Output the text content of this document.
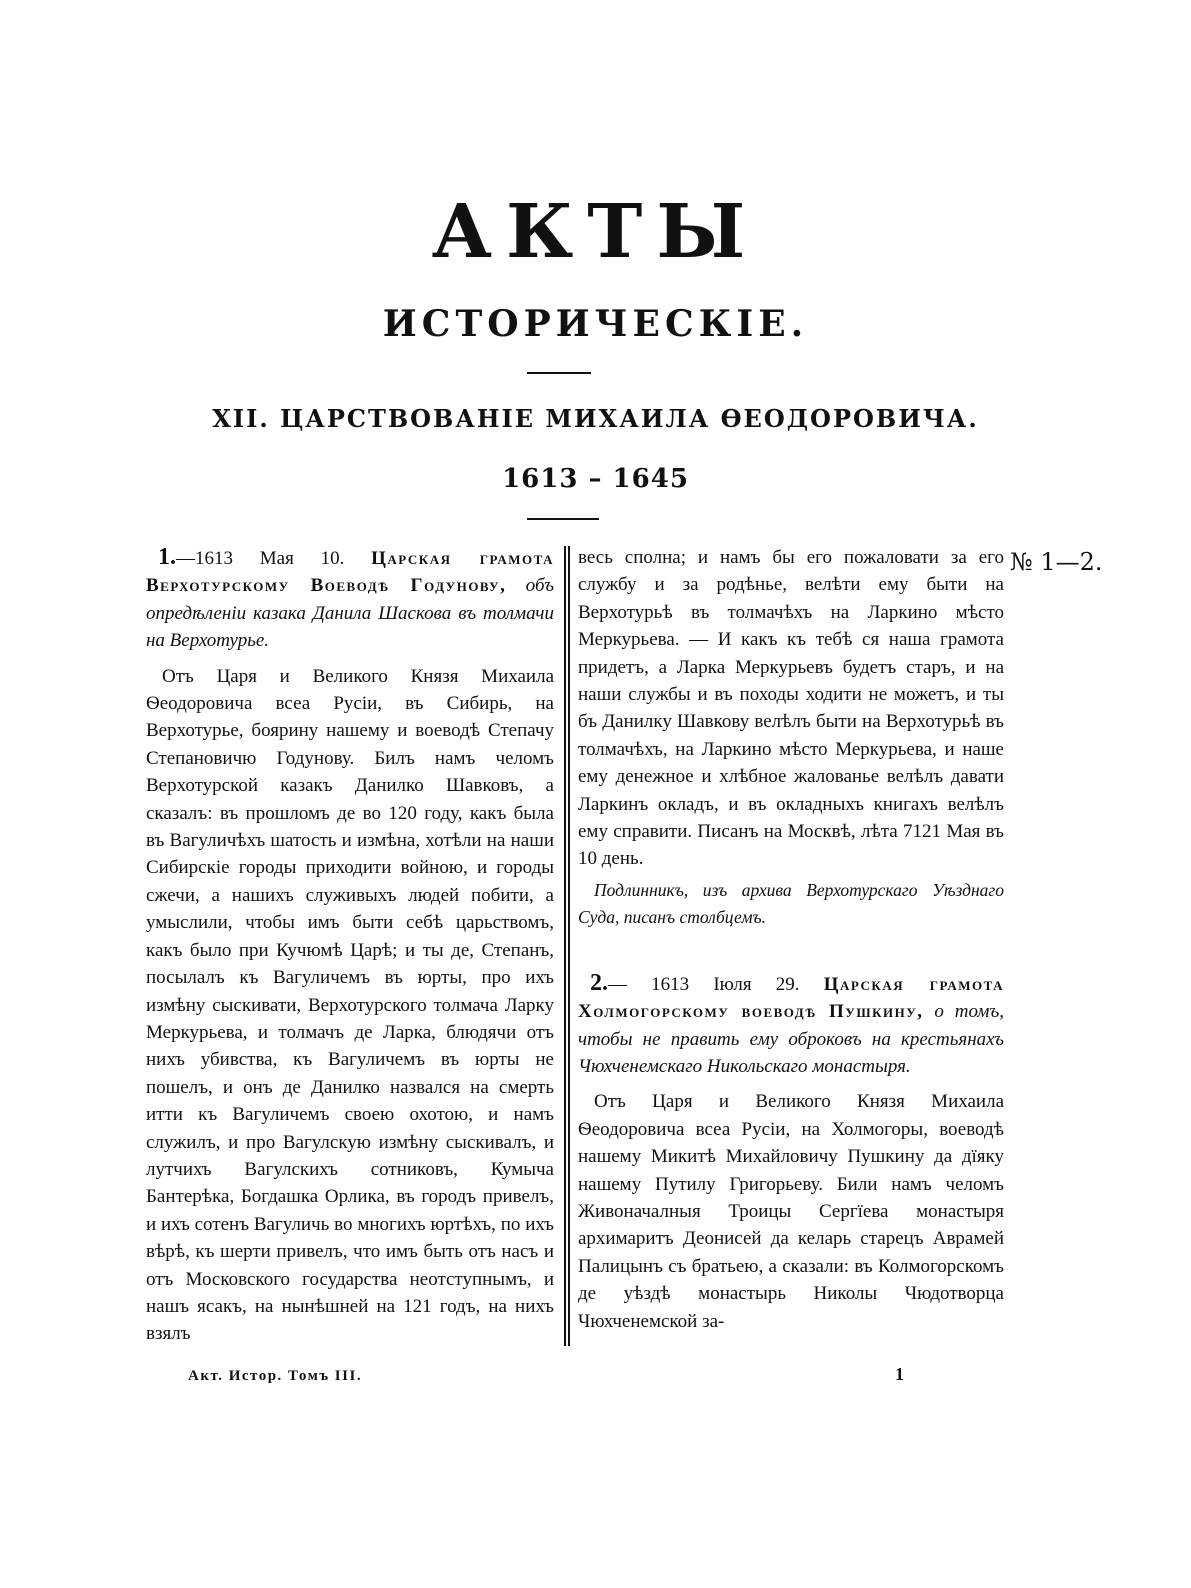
АКТЫ
ИСТОРИЧЕСКІЕ.
XII. ЦАРСТВОВАНІЕ МИХАИЛА ѲЕОДОРОВИЧА.
1613 – 1645

1.—1613 Мая 10. Царская грамота Верхотурскому Воеводѣ Годунову, объ опредѣленіи казака Данила Шаскова въ толмачи на Верхотурье.

Отъ Царя и Великого Князя Михаила Ѳеодоровича всеа Русіи, въ Сибирь, на Верхотурье, боярину нашему и воеводѣ Степачу Степановичю Годунову. Билъ намъ челомъ Верхотурской казакъ Данилко Шавковъ, а сказалъ: въ прошломъ де во 120 году, какъ была въ Вагуличѣхъ шатость и измѣна, хотѣли на наши Сибирскіе городы приходити войною, и городы сжечи, а нашихъ служивыхъ людей побити, а умыслили, чтобы имъ быти себѣ царьствомъ, какъ было при Кучюмѣ Царѣ; и ты де, Степанъ, посылалъ къ Вагуличемъ въ юрты, про ихъ измѣну сыскивати, Верхотурского толмача Ларку Меркурьева, и толмачъ де Ларка, блюдячи отъ нихъ убивства, къ Вагуличемъ въ юрты не пошелъ, и онъ де Данилко назвался на смерть итти къ Вагуличемъ своею охотою, и намъ служилъ, и про Вагулскую измѣну сыскивалъ, и лутчихъ Вагулскихъ сотниковъ, Кумыча Бантерѣка, Богдашка Орлика, въ городъ привелъ, и ихъ сотенъ Вагуличь во многихъ юртѣхъ, по ихъ вѣрѣ, къ шерти привелъ, что имъ быть отъ насъ и отъ Московского государства неотступнымъ, и нашъ ясакъ, на нынѣшней на 121 годъ, на нихъ взялъ

весь сполна; и намъ бы его пожаловати за его службу и за родѣнье, велѣти ему быти на Верхотурьѣ въ толмачѣхъ на Ларкино мѣсто Меркурьева. — И какъ къ тебѣ ся наша грамота придетъ, а Ларка Меркурьевъ будетъ старъ, и на наши службы и въ походы ходити не можетъ, и ты бъ Данилку Шавкову велѣлъ быти на Верхотурьѣ въ толмачѣхъ, на Ларкино мѣсто Меркурьева, и наше ему денежное и хлѣбное жалованье велѣлъ давати Ларкинъ окладъ, и въ окладныхъ книгахъ велѣлъ ему справити. Писанъ на Москвѣ, лѣта 7121 Мая въ 10 день.

Подлинникъ, изъ архива Верхотурскаго Уѣзднаго Суда, писанъ столбцемъ.

2.— 1613 Іюля 29. Царская грамота Холмогорскому воеводѣ Пушкину, о томъ, чтобы не править ему оброковъ на крестьянахъ Чюхченемскаго Никольскаго монастыря.

Отъ Царя и Великого Князя Михаила Ѳеодоровича всеа Русіи, на Холмогоры, воеводѣ нашему Микитѣ Михайловичу Пушкину да дїяку нашему Путилу Григорьеву. Били намъ челомъ Живоначалныя Троицы Сергїева монастыря архимаритъ Деонисей да келарь старецъ Аврамей Палицынъ съ братьею, а сказали: въ Колмогорскомъ де уѣздѣ монастырь Николы Чюдотворца Чюхченемской за-

№ 1—2.
Акт. Истор. Томъ III.	1
